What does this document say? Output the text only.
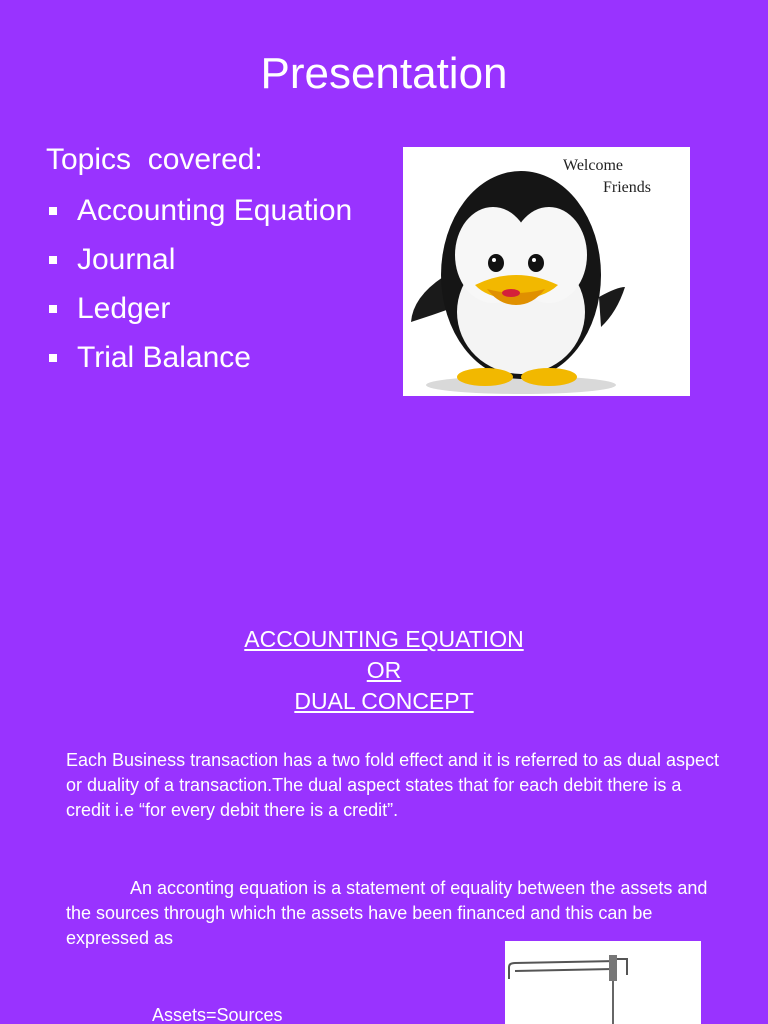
Presentation
Topics  covered:
Accounting Equation
Journal
Ledger
Trial Balance
Welcome
Friends
ACCOUNTING EQUATION
OR
DUAL CONCEPT
Each Business transaction has a two fold effect and it is referred to as dual aspect or duality of a transaction.The dual aspect states that for each debit there is a credit i.e “for every debit there is a credit”.
An acconting equation is a statement of equality between the assets and the sources through which the assets have been financed and this can be expressed as
Assets=Sources
